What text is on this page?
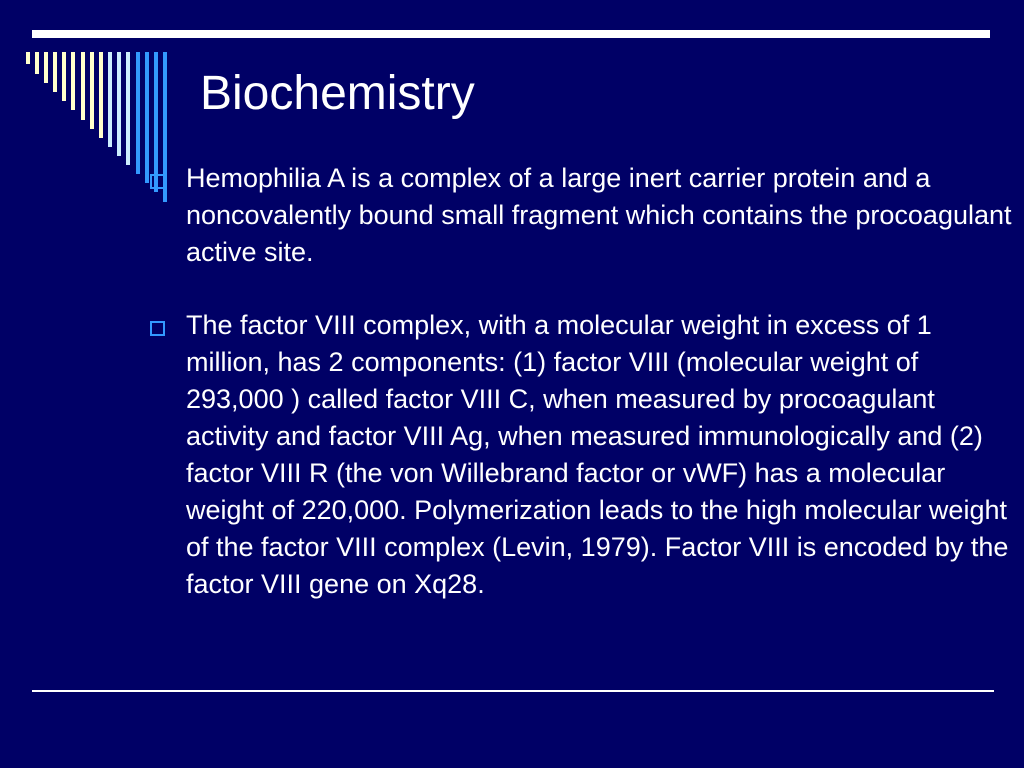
Biochemistry
Hemophilia A is a complex of a large inert carrier protein and a noncovalently bound small fragment which contains the procoagulant active site.
The factor VIII complex, with a molecular weight in excess of 1 million, has 2 components: (1) factor VIII (molecular weight of 293,000 ) called factor VIII C, when measured by procoagulant activity and factor VIII Ag, when measured immunologically and (2) factor VIII R (the von Willebrand factor or vWF) has a molecular weight of 220,000. Polymerization leads to the high molecular weight of the factor VIII complex (Levin, 1979). Factor VIII is encoded by the factor VIII gene on Xq28.
